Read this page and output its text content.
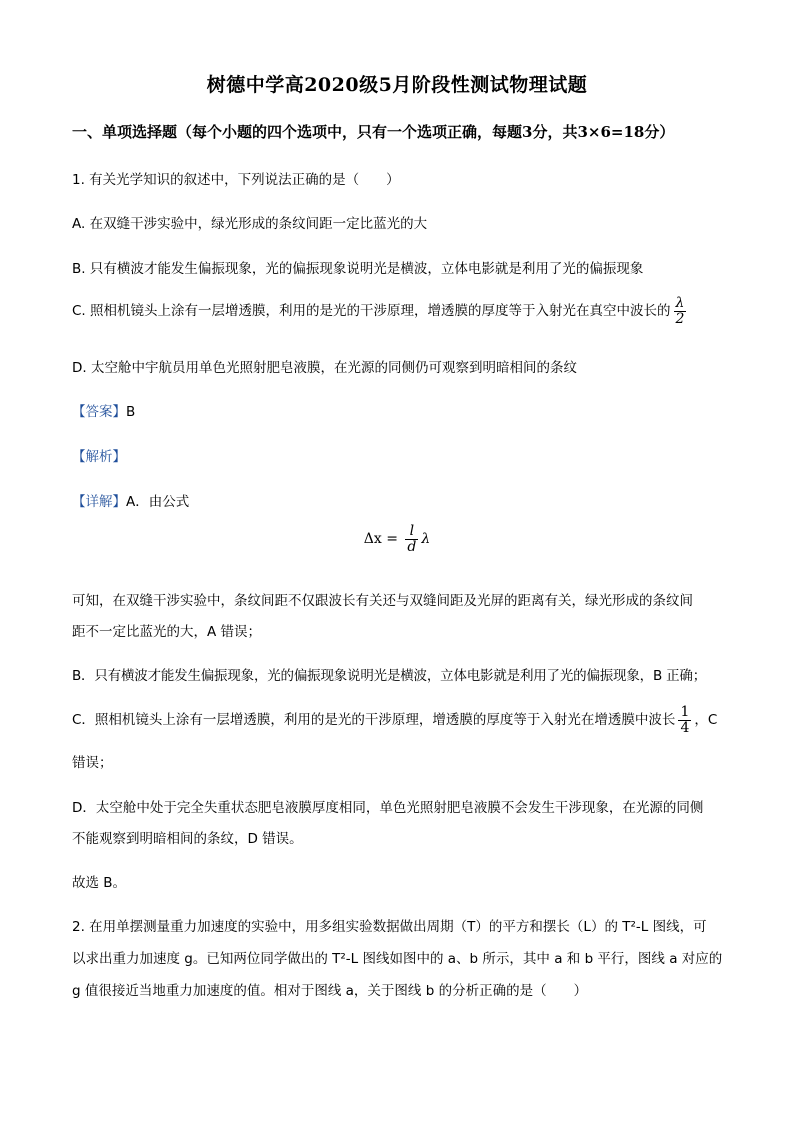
树德中学高2020级5月阶段性测试物理试题
一、单项选择题（每个小题的四个选项中，只有一个选项正确，每题3分，共3×6=18分）
1. 有关光学知识的叙述中，下列说法正确的是（　　）
A. 在双缝干涉实验中，绿光形成的条纹间距一定比蓝光的大
B. 只有横波才能发生偏振现象，光的偏振现象说明光是横波，立体电影就是利用了光的偏振现象
C. 照相机镜头上涂有一层增透膜，利用的是光的干涉原理，增透膜的厚度等于入射光在真空中波长的 $\frac{\lambda}{2}$
D. 太空舱中宇航员用单色光照射肥皂液膜，在光源的同侧仍可观察到明暗相间的条纹
【答案】B
【解析】
【详解】A．由公式
$\Delta x = \frac{l}{d}$ λ
可知，在双缝干涉实验中，条纹间距不仅跟波长有关还与双缝间距及光屏的距离有关，绿光形成的条纹间
距不一定比蓝光的大，A 错误；
B．只有横波才能发生偏振现象，光的偏振现象说明光是横波，立体电影就是利用了光的偏振现象，B 正确；
C．照相机镜头上涂有一层增透膜，利用的是光的干涉原理，增透膜的厚度等于入射光在增透膜中波长 $\frac{1}{4}$ ，C
错误；
D．太空舱中处于完全失重状态肥皂液膜厚度相同，单色光照射肥皂液膜不会发生干涉现象，在光源的同侧
不能观察到明暗相间的条纹，D 错误。
故选 B。
2. 在用单摆测量重力加速度的实验中，用多组实验数据做出周期（T）的平方和摆长（L）的 T²-L 图线，可
以求出重力加速度 g。已知两位同学做出的 T²-L 图线如图中的 a、b 所示，其中 a 和 b 平行，图线 a 对应的
g 值很接近当地重力加速度的值。相对于图线 a，关于图线 b 的分析正确的是（　　）
